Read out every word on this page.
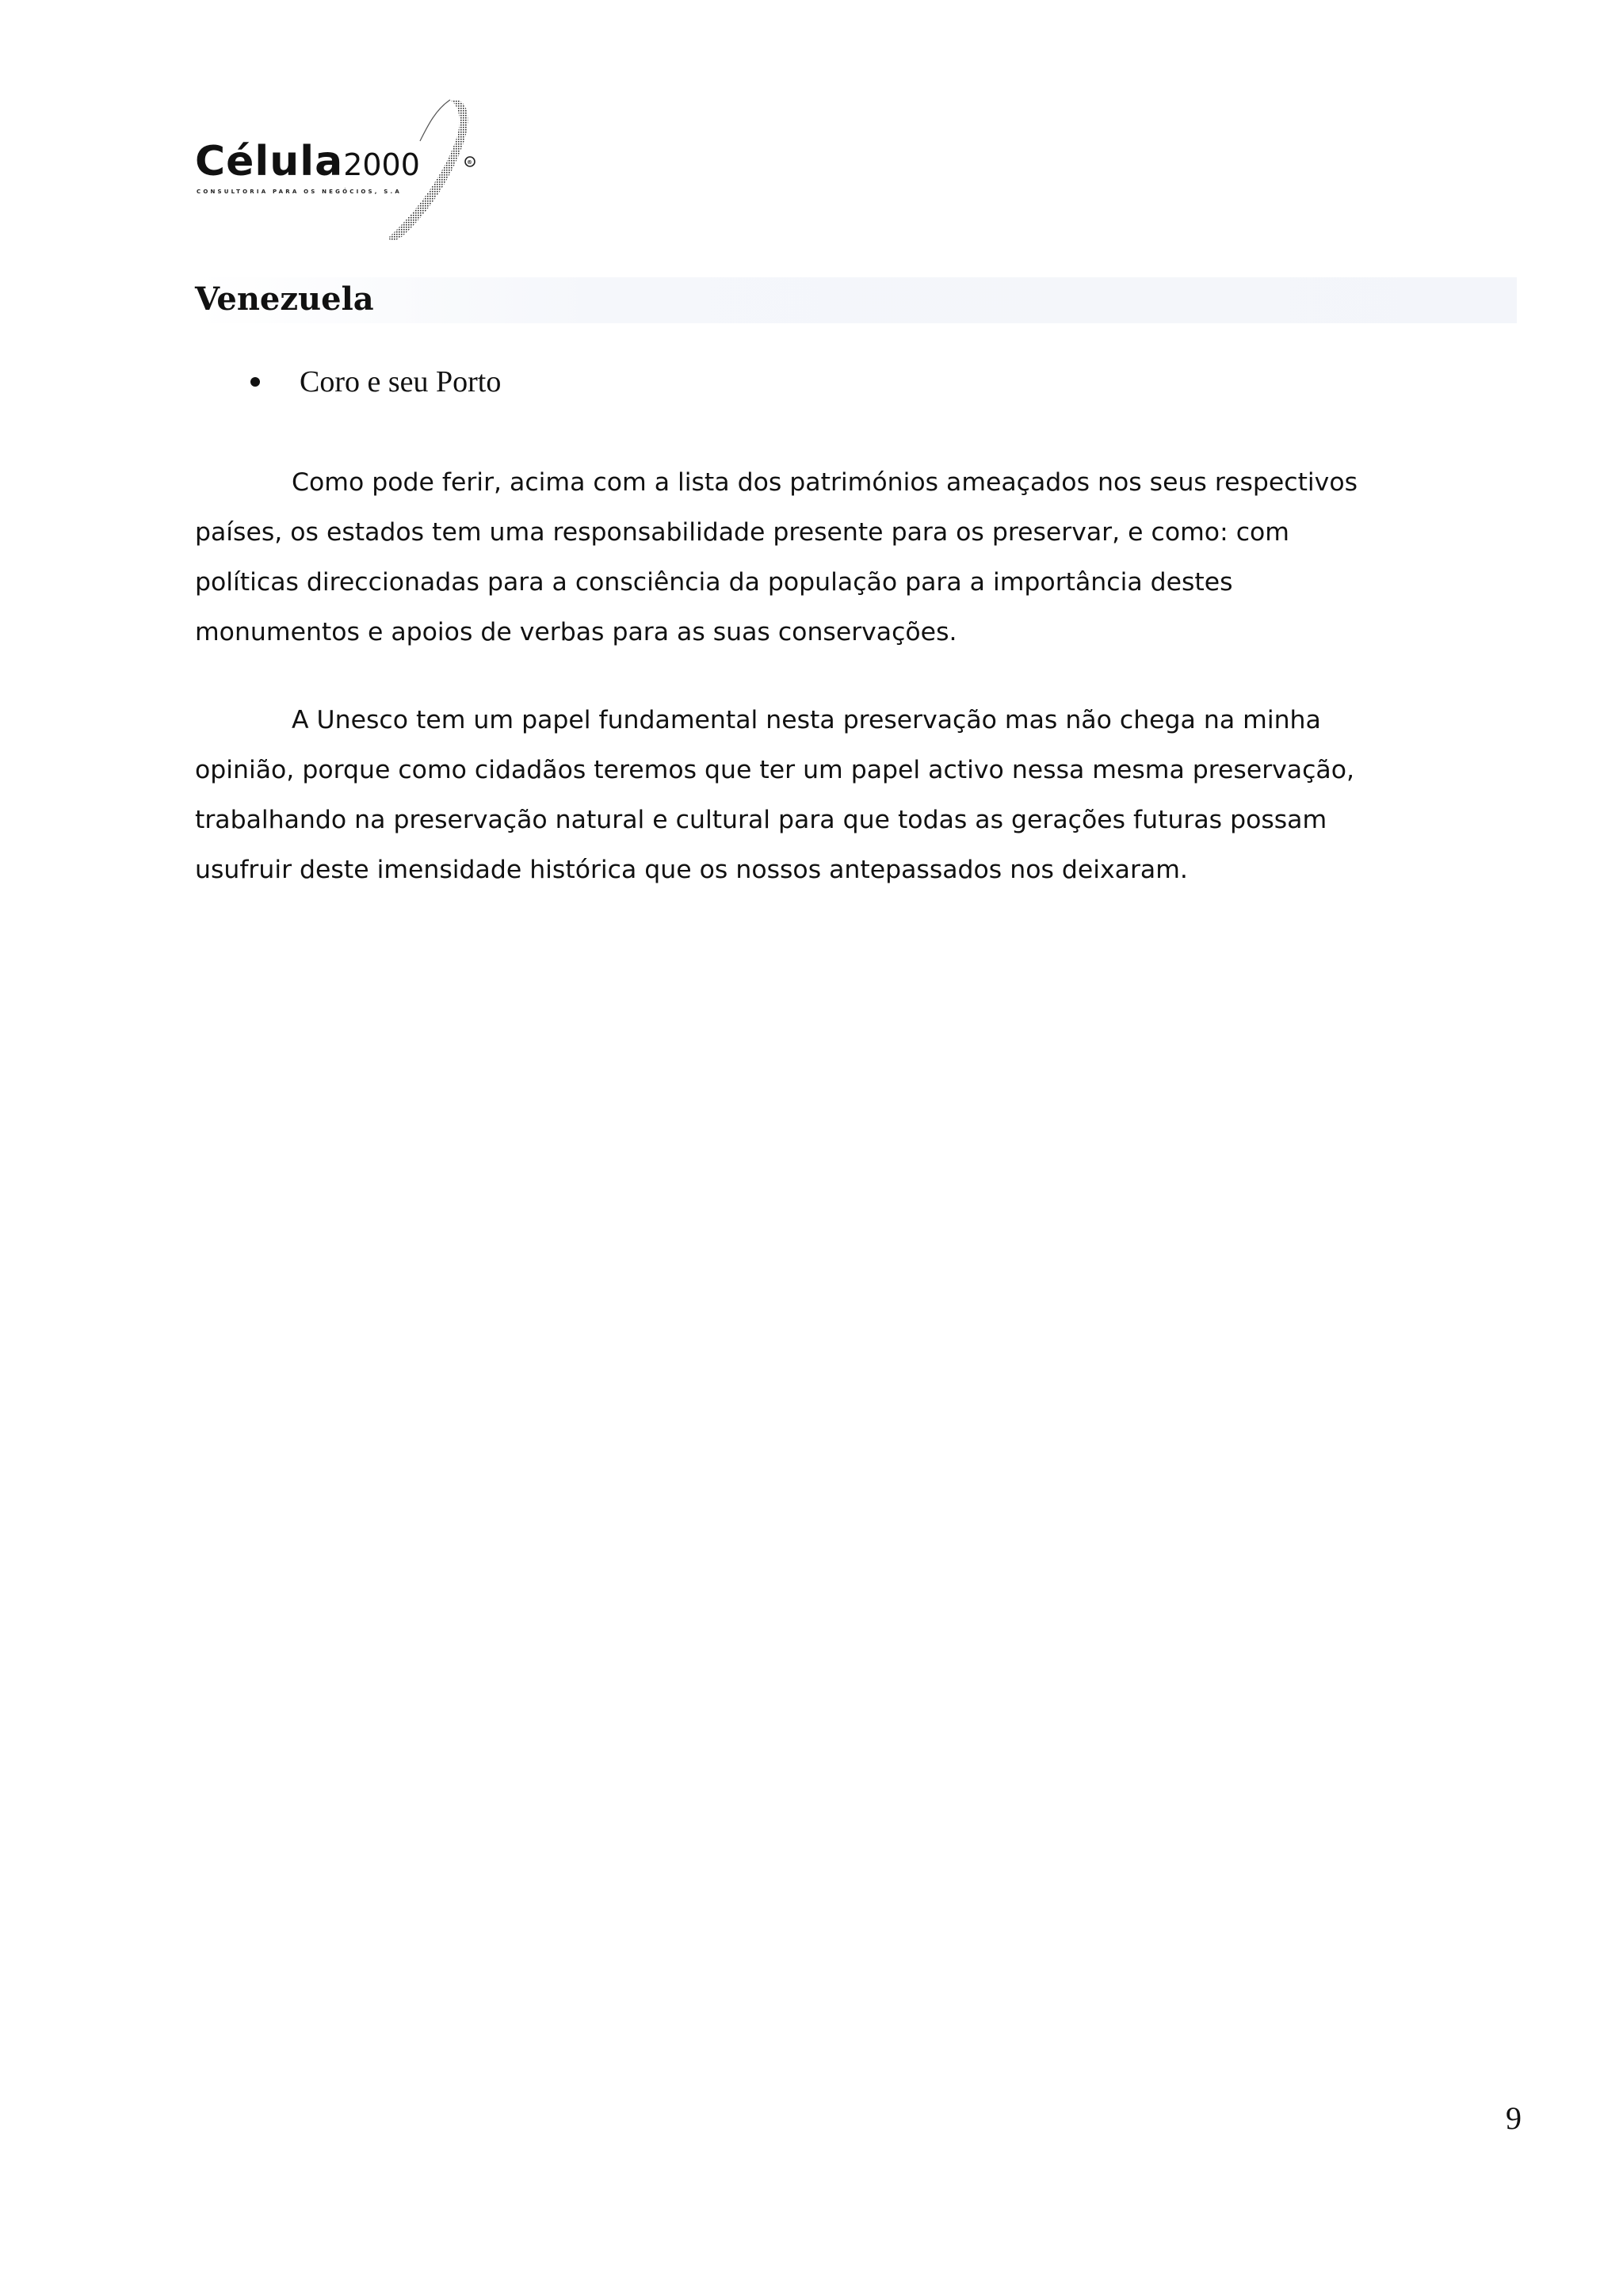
®
Célula2000
CONSULTORIA PARA OS NEGÓCIOS, S.A
Venezuela
Coro e seu Porto

Como pode ferir, acima com a lista dos patrimónios ameaçados nos seus respectivos
países, os estados tem uma responsabilidade presente para os preservar, e como: com
políticas direccionadas para a consciência da população para a importância destes
monumentos e apoios de verbas para as suas conservações.

A Unesco tem um papel fundamental nesta preservação mas não chega na minha
opinião, porque como cidadãos teremos que ter um papel activo nessa mesma preservação,
trabalhando na preservação natural e cultural para que todas as gerações futuras possam
usufruir deste imensidade histórica que os nossos antepassados nos deixaram.

9
